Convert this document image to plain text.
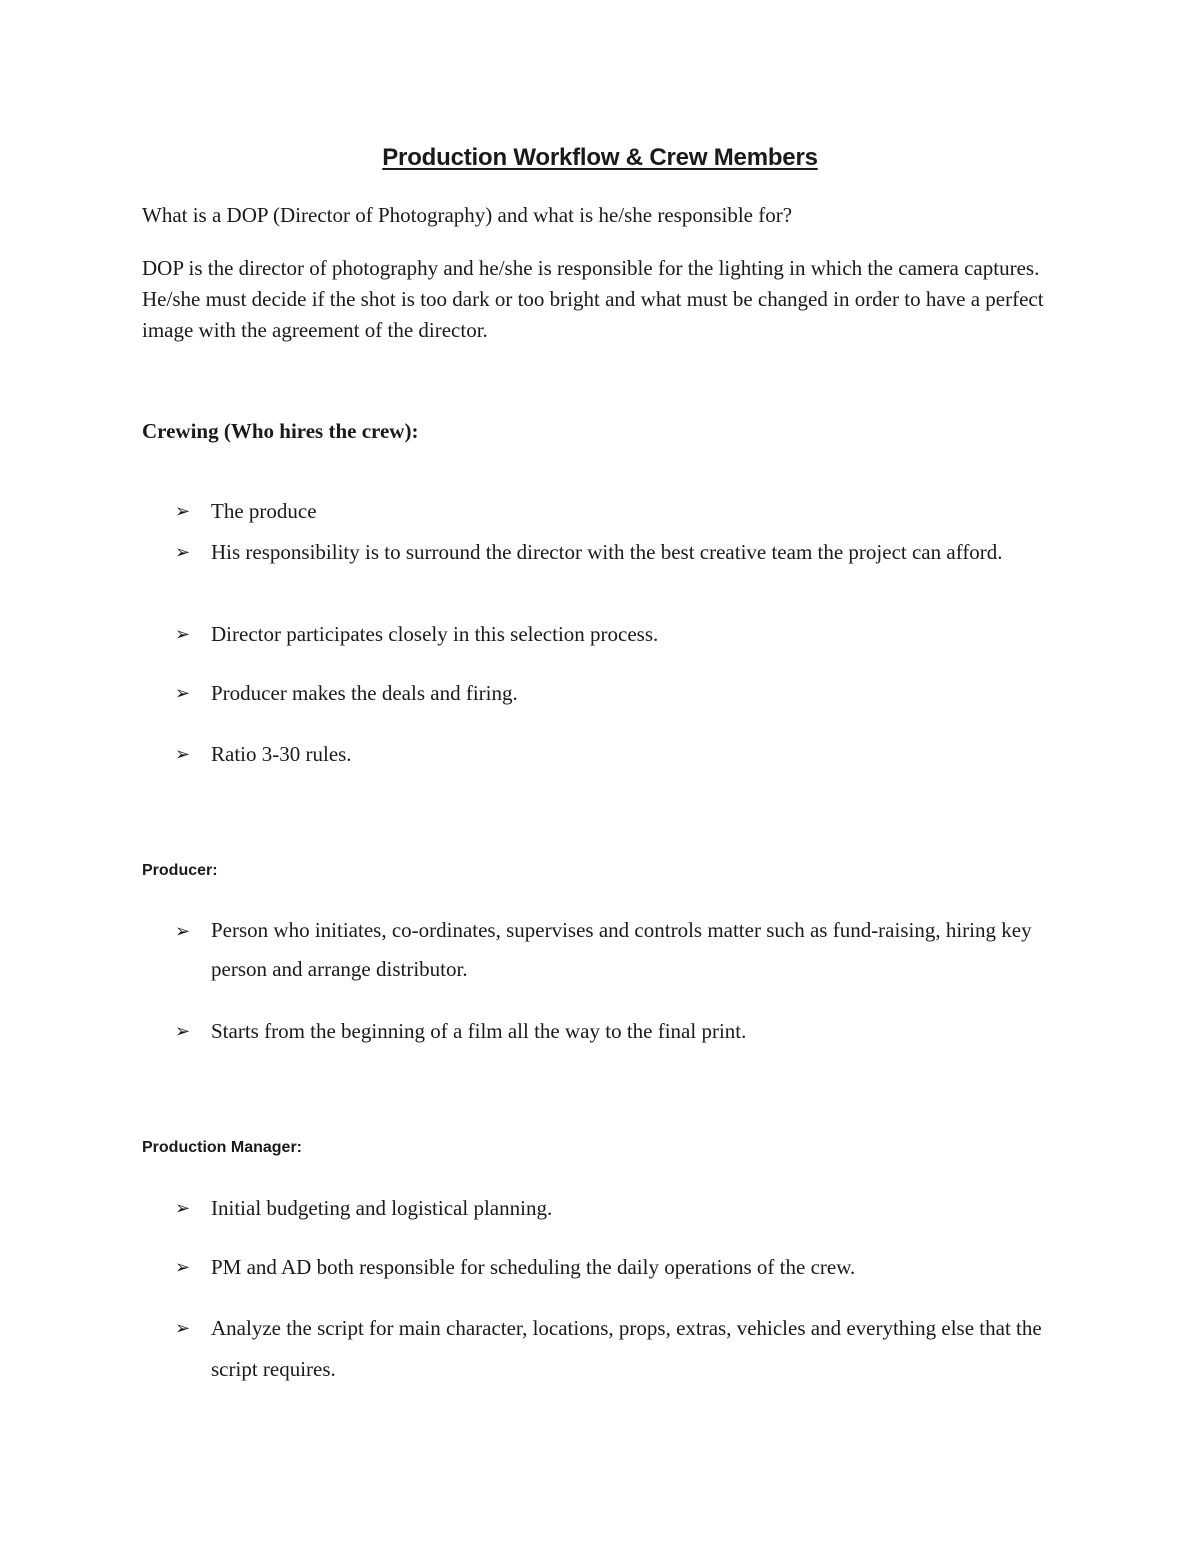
Production Workflow & Crew Members

What is a DOP (Director of Photography) and what is he/she responsible for?

DOP is the director of photography and he/she is responsible for the lighting in which the camera captures. He/she must decide if the shot is too dark or too bright and what must be changed in order to have a perfect image with the agreement of the director.

Crewing (Who hires the crew):

➢ The produce
➢ His responsibility is to surround the director with the best creative team the project can afford.
➢ Director participates closely in this selection process.
➢ Producer makes the deals and firing.
➢ Ratio 3-30 rules.

Producer:

➢ Person who initiates, co-ordinates, supervises and controls matter such as fund-raising, hiring key person and arrange distributor.
➢ Starts from the beginning of a film all the way to the final print.

Production Manager:

➢ Initial budgeting and logistical planning.
➢ PM and AD both responsible for scheduling the daily operations of the crew.
➢ Analyze the script for main character, locations, props, extras, vehicles and everything else that the script requires.
